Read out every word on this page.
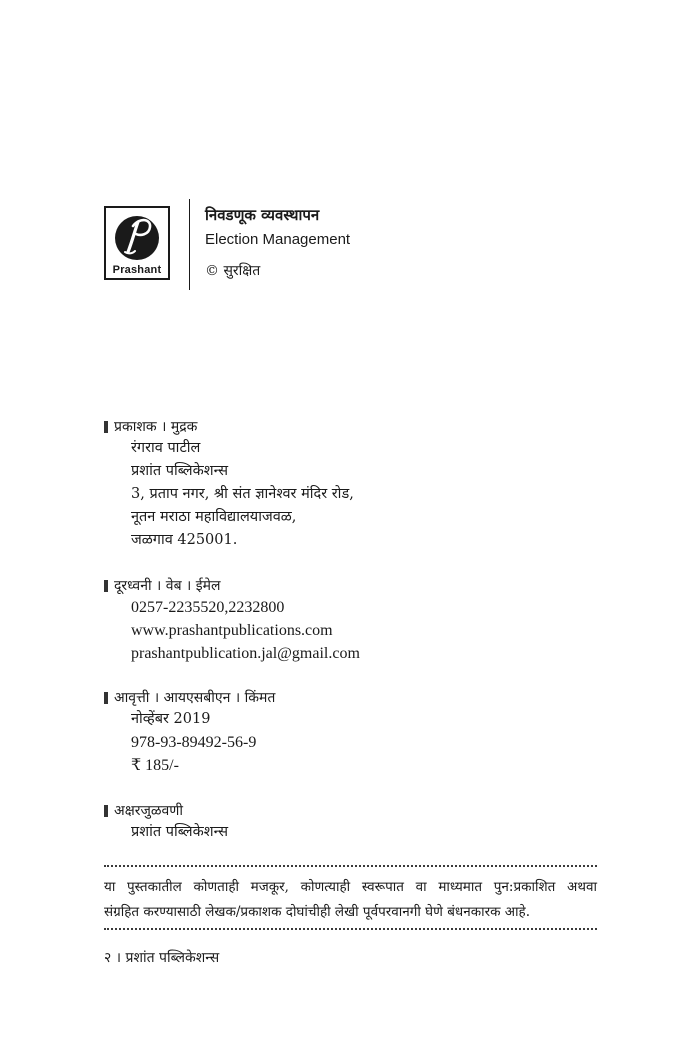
Prashant
निवडणूक व्यवस्थापन
Election Management
© सुरक्षित
प्रकाशक । मुद्रक
रंगराव पाटील
प्रशांत पब्लिकेशन्स
3, प्रताप नगर, श्री संत ज्ञानेश्वर मंदिर रोड,
नूतन मराठा महाविद्यालयाजवळ,
जळगाव 425001.
दूरध्वनी । वेब । ईमेल
0257-2235520,2232800
www.prashantpublications.com
prashantpublication.jal@gmail.com
आवृत्ती । आयएसबीएन । किंमत
नोव्हेंबर 2019
978-93-89492-56-9
₹ 185/-
अक्षरजुळवणी
प्रशांत पब्लिकेशन्स
या पुस्तकातील कोणताही मजकूर, कोणत्याही स्वरूपात वा माध्यमात पुन:प्रकाशित अथवा
संग्रहित करण्यासाठी लेखक/प्रकाशक दोघांचीही लेखी पूर्वपरवानगी घेणे बंधनकारक आहे.
२ । प्रशांत पब्लिकेशन्स
